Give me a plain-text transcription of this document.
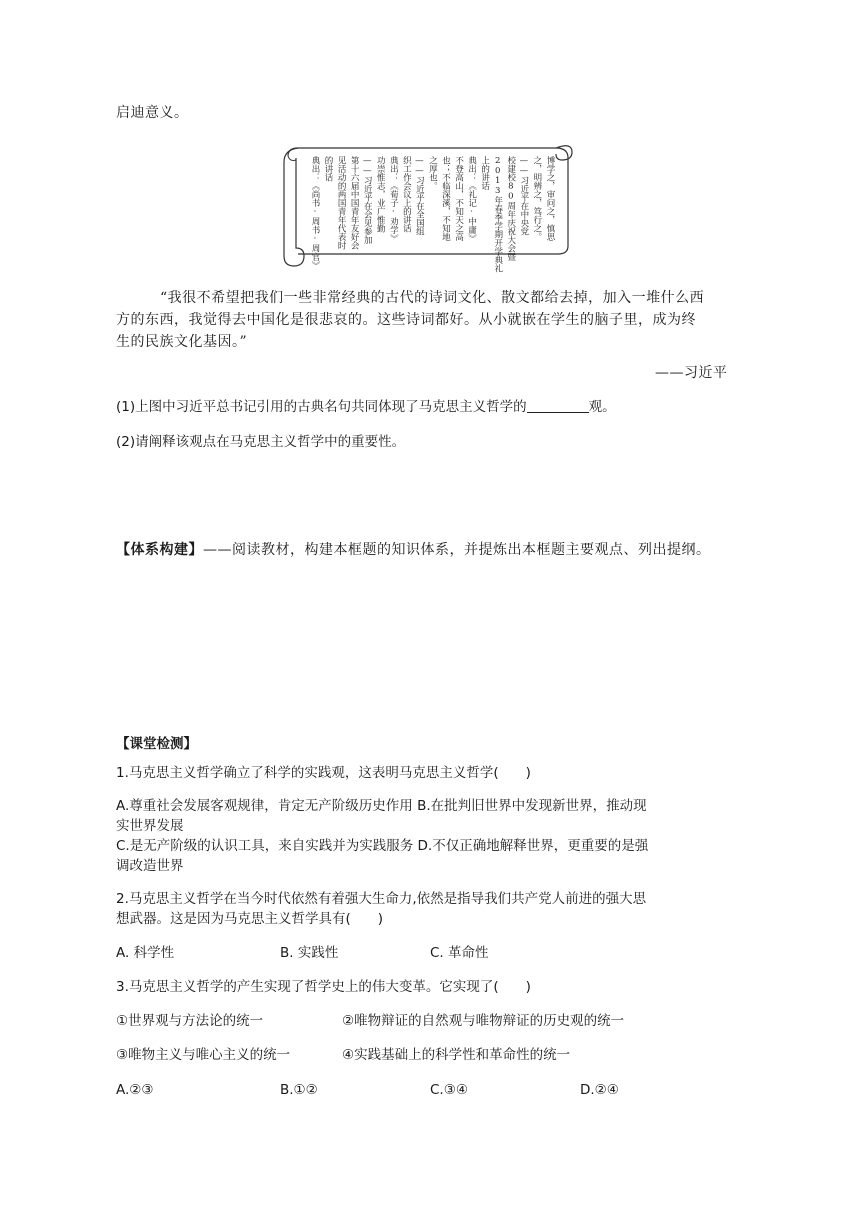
启迪意义。
博学之，审问之，慎思
之，明辨之，笃行之。
——习近平在中央党
校建校80周年庆祝大会暨
2013年春季学期开学典礼
上的讲话
典出：《礼记·中庸》
不登高山，不知天之高
也；不临深溪，不知地
之厚也。
——习近平在全国组
织工作会议上的讲话
典出：《荀子·劝学》
功崇惟志，业广惟勤
——习近平在会见参加
第十六届中国青年友好会
见活动的两国青年代表时
的讲话
典出：《尚书·周书·周官》
“我很不希望把我们一些非常经典的古代的诗词文化、散文都给去掉，加入一堆什么西
方的东西，我觉得去中国化是很悲哀的。这些诗词都好。从小就嵌在学生的脑子里，成为终
生的民族文化基因。”
——习近平
(1)上图中习近平总书记引用的古典名句共同体现了马克思主义哲学的	观。
(2)请阐释该观点在马克思主义哲学中的重要性。
【体系构建】——阅读教材，构建本框题的知识体系，并提炼出本框题主要观点、列出提纲。
【课堂检测】
1.马克思主义哲学确立了科学的实践观，这表明马克思主义哲学(　　)
A.尊重社会发展客观规律，肯定无产阶级历史作用 B.在批判旧世界中发现新世界，推动现
实世界发展
C.是无产阶级的认识工具，来自实践并为实践服务 D.不仅正确地解释世界，更重要的是强
调改造世界
2.马克思主义哲学在当今时代依然有着强大生命力,依然是指导我们共产党人前进的强大思
想武器。这是因为马克思主义哲学具有(　　)
A. 科学性	B. 实践性	C. 革命性
3.马克思主义哲学的产生实现了哲学史上的伟大变革。它实现了(　　)
①世界观与方法论的统一	②唯物辩证的自然观与唯物辩证的历史观的统一
③唯物主义与唯心主义的统一	④实践基础上的科学性和革命性的统一
A.②③	B.①②	C.③④	D.②④
